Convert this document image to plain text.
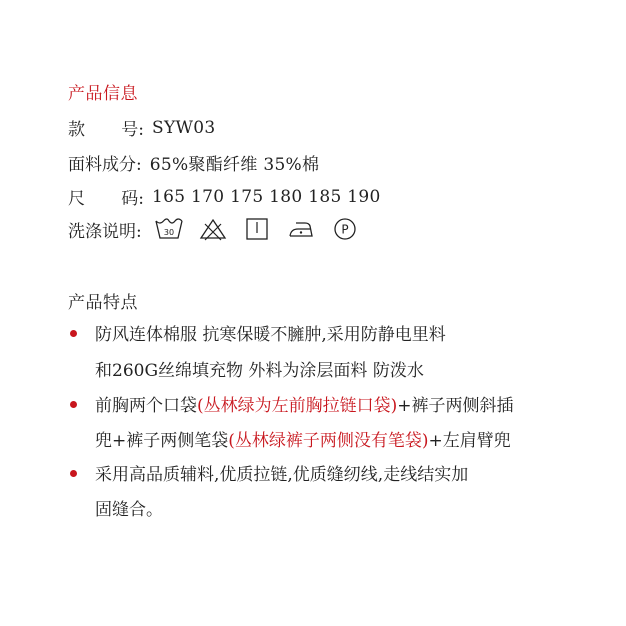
产品信息
款 号: SYW03
面料成分: 65%聚酯纤维 35%棉
尺 码: 165 170 175 180 185 190
洗涤说明:	30	P
产品特点
防风连体棉服 抗寒保暖不臃肿,采用防静电里料
和260G丝绵填充物 外料为涂层面料 防泼水
前胸两个口袋(丛林绿为左前胸拉链口袋)+裤子两侧斜插
兜+裤子两侧笔袋(丛林绿裤子两侧没有笔袋)+左肩臂兜
采用高品质辅料,优质拉链,优质缝纫线,走线结实加
固缝合。
